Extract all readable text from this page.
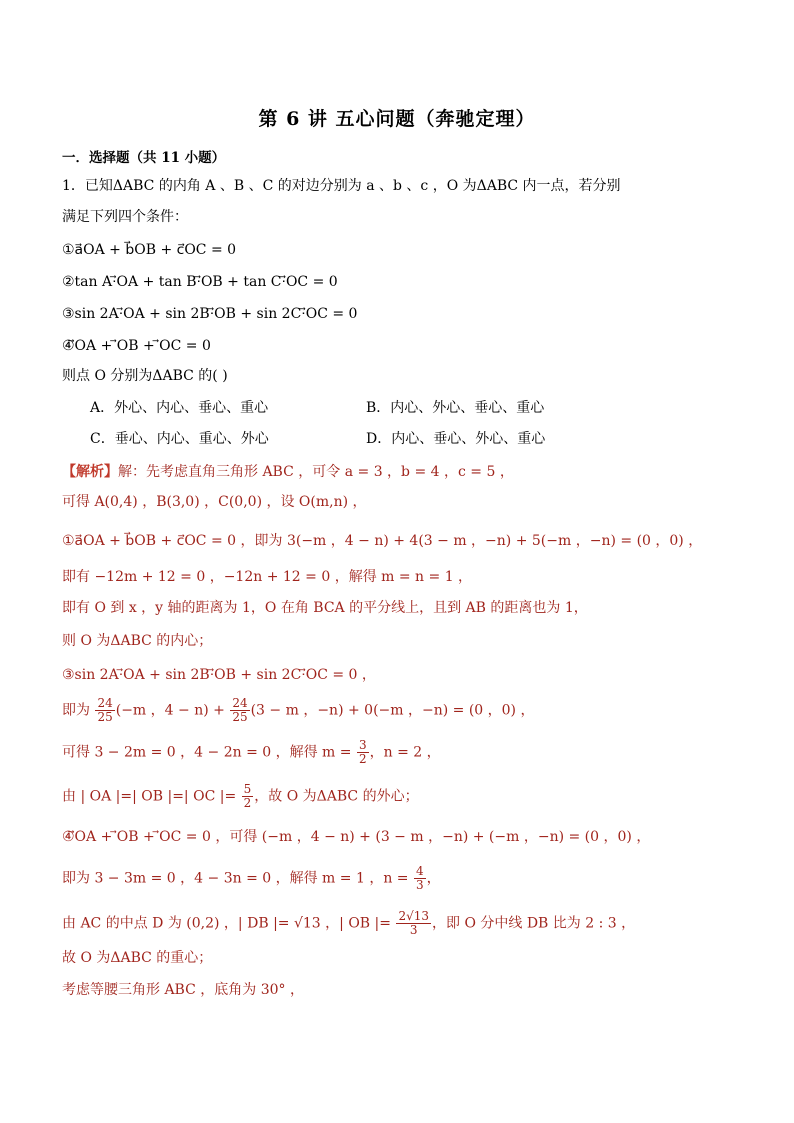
第 6 讲 五心问题（奔驰定理）
一．选择题（共 11 小题）
1．已知ΔABC 的内角 A 、B 、C 的对边分别为 a 、b 、c ，O 为ΔABC 内一点，若分别
满足下列四个条件：
①a⃗OA + b⃗OB + c⃗OC = 0
②tan A·⃗OA + tan B·⃗OB + tan C·⃗OC = 0
③sin 2A·⃗OA + sin 2B·⃗OB + sin 2C·⃗OC = 0
④⃗OA + ⃗OB + ⃗OC = 0
则点 O 分别为ΔABC 的( )
A．外心、内心、垂心、重心	B．内心、外心、垂心、重心
C．垂心、内心、重心、外心	D．内心、垂心、外心、重心
【解析】解：先考虑直角三角形 ABC ，可令 a = 3 ，b = 4 ，c = 5 ，
可得 A(0,4) ，B(3,0) ，C(0,0) ，设 O(m,n) ，
①a⃗OA + b⃗OB + c⃗OC = 0 ，即为 3(−m ，4 − n) + 4(3 − m ，−n) + 5(−m ，−n) = (0 ，0) ，
即有 −12m + 12 = 0 ，−12n + 12 = 0 ，解得 m = n = 1 ，
即有 O 到 x ，y 轴的距离为 1，O 在角 BCA 的平分线上，且到 AB 的距离也为 1，
则 O 为ΔABC 的内心；
③sin 2A·⃗OA + sin 2B·⃗OB + sin 2C·⃗OC = 0 ，
即为 $\frac{24}{25} (-m$ ，$4 - n) + \frac{24}{25} (3 - m$ ，−n) + 0(−m ，−n) = (0 ，0) ，
可得 3 − 2m = 0 ，4 − 2n = 0 ，解得 $m = \frac{3}{2}$ ，n = 2 ，
由 | OA |=| OB |=| OC |= $\frac{5}{2}$ ，故 O 为ΔABC 的外心；
④⃗OA + ⃗OB + ⃗OC = 0 ，可得 (−m ，4 − n) + (3 − m ，−n) + (−m ，−n) = (0 ，0) ，
即为 3 − 3m = 0 ，4 − 3n = 0 ，解得 m = 1 ，$n = \frac{4}{3}$ ，
由 AC 的中点 D 为 (0,2) ，| DB |= √13 ，| OB |= $\frac{2√13}{3}$ ，即 O 分中线 DB 比为 2 : 3 ，
故 O 为ΔABC 的重心；
考虑等腰三角形 ABC ，底角为 30° ，
